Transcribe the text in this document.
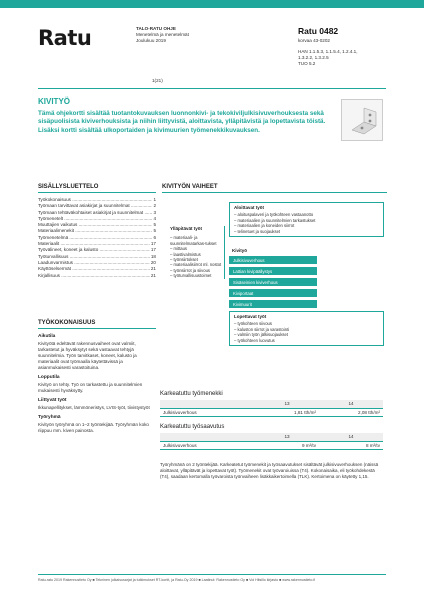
Ratu	TALO-RATU OHJE
Menetelmä ja menetelmät
Joulukuu 2019
Ratu 0482
korvaa 43-0202
HAN 1.1.5.3, 1.1.5.4, 1.2.4.1, 1.3.2.2, 1.3.2.5
TUO 5.2
1(21)
KIVITYÖ
Tämä ohjekortti sisältää tuotantokuvauksen luonnonkivi- ja tekokiviljulkisivuverhouksesta sekä sisäpuolisista kiviverhouksista ja niihin liittyvistä, aloittavista, ylläpitävistä ja lopettavista töistä. Lisäksi kortti sisältää ulkoportaiden ja kivimuurien työmenekkikuvauksen.
SISÄLLYSLUETTELO
Työkokonaisuus .....	1
Työmaan tarvittavat asiakirjat ja suunnitelmat .....	2
Työmaan tehtäväkohtaiset asiakirjat ja suunnitelmat .....	3
Työmenetelt .....	4
Muuttajien vaikutus .....	5
Materiaalimenekit .....	5
Työmenetelmä .....	6
Materiaalit .....	17
Työvälineet, koneet ja kalusto .....	17
Työturvallisuus .....	18
Laadunvarmistus .....	20
Käyttöselsermät .....	21
Kirjallisuus .....	21
TYÖKOKONAISUUS
Aikutila

Kivityötä edeltävät rakennusvaiheet ovat valmiit, tarkastetut ja hyväksytyt sekä vastaavat tehtyjä suunnitelmia. Työn tarvitkaset, koneet, kalusto ja materiaalit ovat työmaalla käytettävissä ja asianmukaisesti varastoituina.

Lopputila

Kivityö on tehty. Työ on tarkastettu ja suunnitelmien mukaisesti hyväksytty.

Liittyvät työt

Ikkunapellitykset, lämmöneristys, LVIS-työt, tiivistystyöt

Työryhmä

Kivityön työryhmä on 1–2 työntekijää. Työryhmän koko riippuu mm. kiven painosta.

KIVITYÖN VAIHEET
Ylläpitävät työt
– materiaali- ja suunnitelmatarkas-tukset
– mittaus
– laastivalmistus
– työnsiirtokset
– materiaalisiirrot ml. nostot
– työnsiirrot ja siivous
– työturvallisuustoimet
Aloittavat työt
– aloituspalaveri ja työkohteen vastaanotto
– materiaalien ja suunnitelmien tarkastukset
– materiaalien ja koneiden siirrot
– telinetuet ja suojaukset
Kivityö
Julkisivuverhous
Lattian kivipäällystys
Sisäseinien kiviverhous
Kiviportaat
Kivimuurit
Lopettavat työt
– työkohteen siivous
– kaluston siirrot ja varastointi
– valmiin työn jälkisuojaukset
– työkohteen luovutus
Karkeatuttu työmenekki
	13	14
Julkisivuverhous	1,81 tth/m²	2,08 tth/m²
Karkeatuttu työsaavutus
	13	14
Julkisivuverhous	9 m²/tv	8 m²/tv
Työryhmänä on 2 työntekijää. Karkeatetut työmenekit ja työsaavutukset sisältävät julkisivuverhouksen (näissä aloittavat, ylläpitävät ja lopettavat työt). Työmenekit ovat työvaroiuissa (T4). Kokonaisaika, eli työkohdekestä (T4), saadaan kertomalla työvaroista työnvaiheen lisäkkaikertoimella (TLK). Kertoimena on käytetty 1,15.
Ratu-ratu 2019 Rakennustieto Oy ■ Tekninen julkaisusarjat ja tutkimukset RT-kortit, ja Ratu-Oy 2019 ■ Laatinut: Rakennustieto Oy ■ Voi Hitsillo kirjasto ■ www.rakennustieto.fi
